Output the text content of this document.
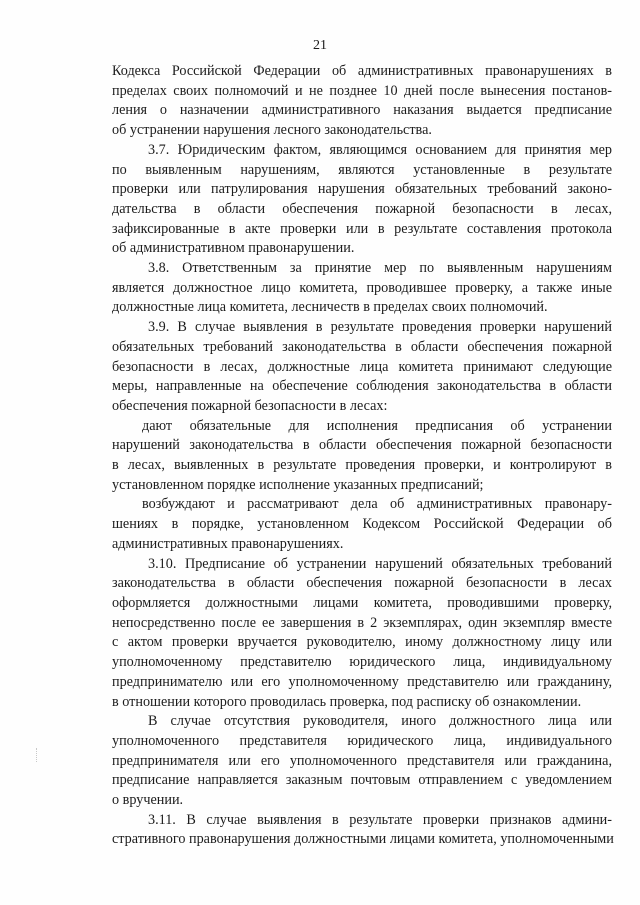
21
Кодекса Российской Федерации об административных правонарушениях в
пределах своих полномочий и не позднее 10 дней после вынесения постанов-
ления о назначении административного наказания выдается предписание
об устранении нарушения лесного законодательства.
3.7. Юридическим фактом, являющимся основанием для принятия мер
по выявленным нарушениям, являются установленные в результате
проверки или патрулирования нарушения обязательных требований законо-
дательства в области обеспечения пожарной безопасности в лесах,
зафиксированные в акте проверки или в результате составления протокола
об административном правонарушении.
3.8. Ответственным за принятие мер по выявленным нарушениям
является должностное лицо комитета, проводившее проверку, а также иные
должностные лица комитета, лесничеств в пределах своих полномочий.
3.9. В случае выявления в результате проведения проверки нарушений
обязательных требований законодательства в области обеспечения пожарной
безопасности в лесах, должностные лица комитета принимают следующие
меры, направленные на обеспечение соблюдения законодательства в области
обеспечения пожарной безопасности в лесах:
дают обязательные для исполнения предписания об устранении
нарушений законодательства в области обеспечения пожарной безопасности
в лесах, выявленных в результате проведения проверки, и контролируют в
установленном порядке исполнение указанных предписаний;
возбуждают и рассматривают дела об административных правонару-
шениях в порядке, установленном Кодексом Российской Федерации об
административных правонарушениях.
3.10. Предписание об устранении нарушений обязательных требований
законодательства в области обеспечения пожарной безопасности в лесах
оформляется должностными лицами комитета, проводившими проверку,
непосредственно после ее завершения в 2 экземплярах, один экземпляр вместе
с актом проверки вручается руководителю, иному должностному лицу или
уполномоченному представителю юридического лица, индивидуальному
предпринимателю или его уполномоченному представителю или гражданину,
в отношении которого проводилась проверка, под расписку об ознакомлении.
В случае отсутствия руководителя, иного должностного лица или
уполномоченного представителя юридического лица, индивидуального
предпринимателя или его уполномоченного представителя или гражданина,
предписание направляется заказным почтовым отправлением с уведомлением
о вручении.
3.11. В случае выявления в результате проверки признаков админи-
стративного правонарушения должностными лицами комитета, уполномоченными
